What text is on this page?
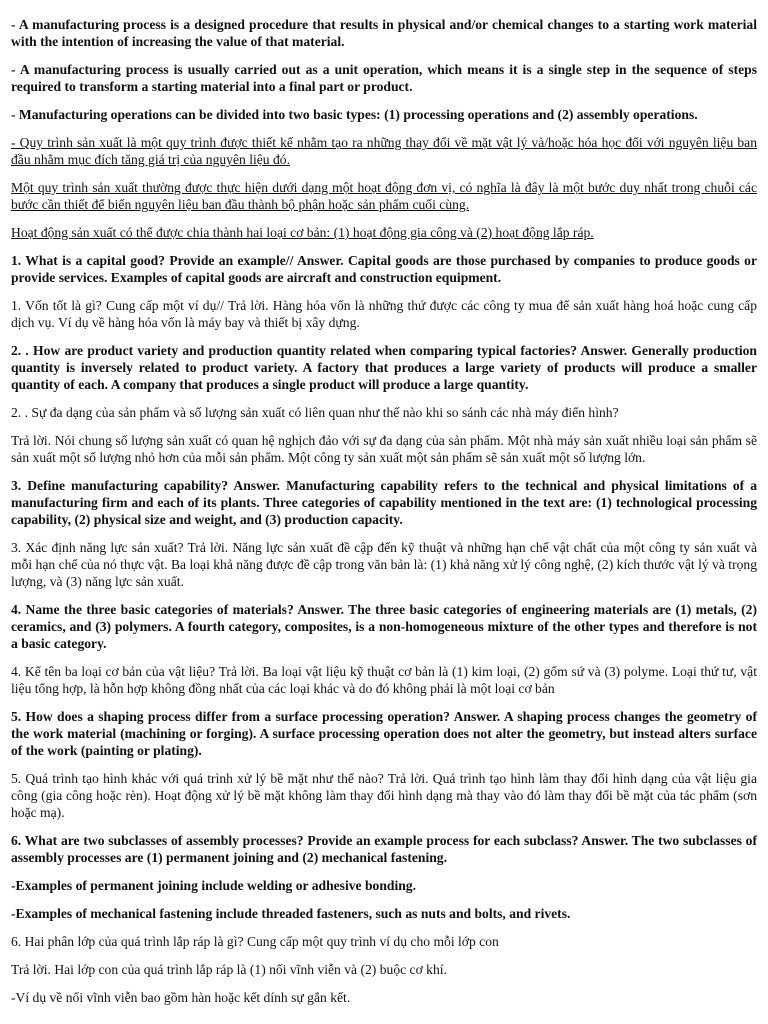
- A manufacturing process is a designed procedure that results in physical and/or chemical changes to a starting work material with the intention of increasing the value of that material.

- A manufacturing process is usually carried out as a unit operation, which means it is a single step in the sequence of steps required to transform a starting material into a final part or product.

- Manufacturing operations can be divided into two basic types: (1) processing operations and (2) assembly operations.

- Quy trình sản xuất là một quy trình được thiết kế nhằm tạo ra những thay đổi về mặt vật lý và/hoặc hóa học đối với nguyên liệu ban đầu nhằm mục đích tăng giá trị của nguyên liệu đó.

Một quy trình sản xuất thường được thực hiện dưới dạng một hoạt động đơn vị, có nghĩa là đây là một bước duy nhất trong chuỗi các bước cần thiết để biến nguyên liệu ban đầu thành bộ phận hoặc sản phẩm cuối cùng.

Hoạt động sản xuất có thể được chia thành hai loại cơ bản: (1) hoạt động gia công và (2) hoạt động lắp ráp.

1. What is a capital good? Provide an example// Answer. Capital goods are those purchased by companies to produce goods or provide services. Examples of capital goods are aircraft and construction equipment.

1. Vốn tốt là gì? Cung cấp một ví dụ// Trả lời. Hàng hóa vốn là những thứ được các công ty mua để sản xuất hàng hoá hoặc cung cấp dịch vụ. Ví dụ về hàng hóa vốn là máy bay và thiết bị xây dựng.

2. . How are product variety and production quantity related when comparing typical factories? Answer. Generally production quantity is inversely related to product variety. A factory that produces a large variety of products will produce a smaller quantity of each. A company that produces a single product will produce a large quantity.

2. . Sự đa dạng của sản phẩm và số lượng sản xuất có liên quan như thế nào khi so sánh các nhà máy điển hình?

Trả lời. Nói chung số lượng sản xuất có quan hệ nghịch đảo với sự đa dạng của sản phẩm. Một nhà máy sản xuất nhiều loại sản phẩm sẽ sản xuất một số lượng nhỏ hơn của mỗi sản phẩm. Một công ty sản xuất một sản phẩm sẽ sản xuất một số lượng lớn.

3. Define manufacturing capability? Answer. Manufacturing capability refers to the technical and physical limitations of a manufacturing firm and each of its plants. Three categories of capability mentioned in the text are: (1) technological processing capability, (2) physical size and weight, and (3) production capacity.

3. Xác định năng lực sản xuất? Trả lời. Năng lực sản xuất đề cập đến kỹ thuật và những hạn chế vật chất của một công ty sản xuất và mỗi hạn chế của nó thực vật. Ba loại khả năng được đề cập trong văn bản là: (1) khả năng xử lý công nghệ, (2) kích thước vật lý và trọng lượng, và (3) năng lực sản xuất.

4. Name the three basic categories of materials? Answer. The three basic categories of engineering materials are (1) metals, (2) ceramics, and (3) polymers. A fourth category, composites, is a non-homogeneous mixture of the other types and therefore is not a basic category.

4. Kể tên ba loại cơ bản của vật liệu? Trả lời. Ba loại vật liệu kỹ thuật cơ bản là (1) kim loại, (2) gốm sứ và (3) polyme. Loại thứ tư, vật liệu tổng hợp, là hỗn hợp không đồng nhất của các loại khác và do đó không phải là một loại cơ bản

5. How does a shaping process differ from a surface processing operation? Answer. A shaping process changes the geometry of the work material (machining or forging). A surface processing operation does not alter the geometry, but instead alters surface of the work (painting or plating).

5. Quá trình tạo hình khác với quá trình xử lý bề mặt như thế nào? Trả lời. Quá trình tạo hình làm thay đổi hình dạng của vật liệu gia công (gia công hoặc rèn). Hoạt động xử lý bề mặt không làm thay đổi hình dạng mà thay vào đó làm thay đổi bề mặt của tác phẩm (sơn hoặc mạ).

6. What are two subclasses of assembly processes? Provide an example process for each subclass? Answer. The two subclasses of assembly processes are (1) permanent joining and (2) mechanical fastening.

-Examples of permanent joining include welding or adhesive bonding.

-Examples of mechanical fastening include threaded fasteners, such as nuts and bolts, and rivets.

6. Hai phân lớp của quá trình lắp ráp là gì? Cung cấp một quy trình ví dụ cho mỗi lớp con

Trả lời. Hai lớp con của quá trình lắp ráp là (1) nối vĩnh viễn và (2) buộc cơ khí.

-Ví dụ về nối vĩnh viễn bao gồm hàn hoặc kết dính sự gắn kết.
